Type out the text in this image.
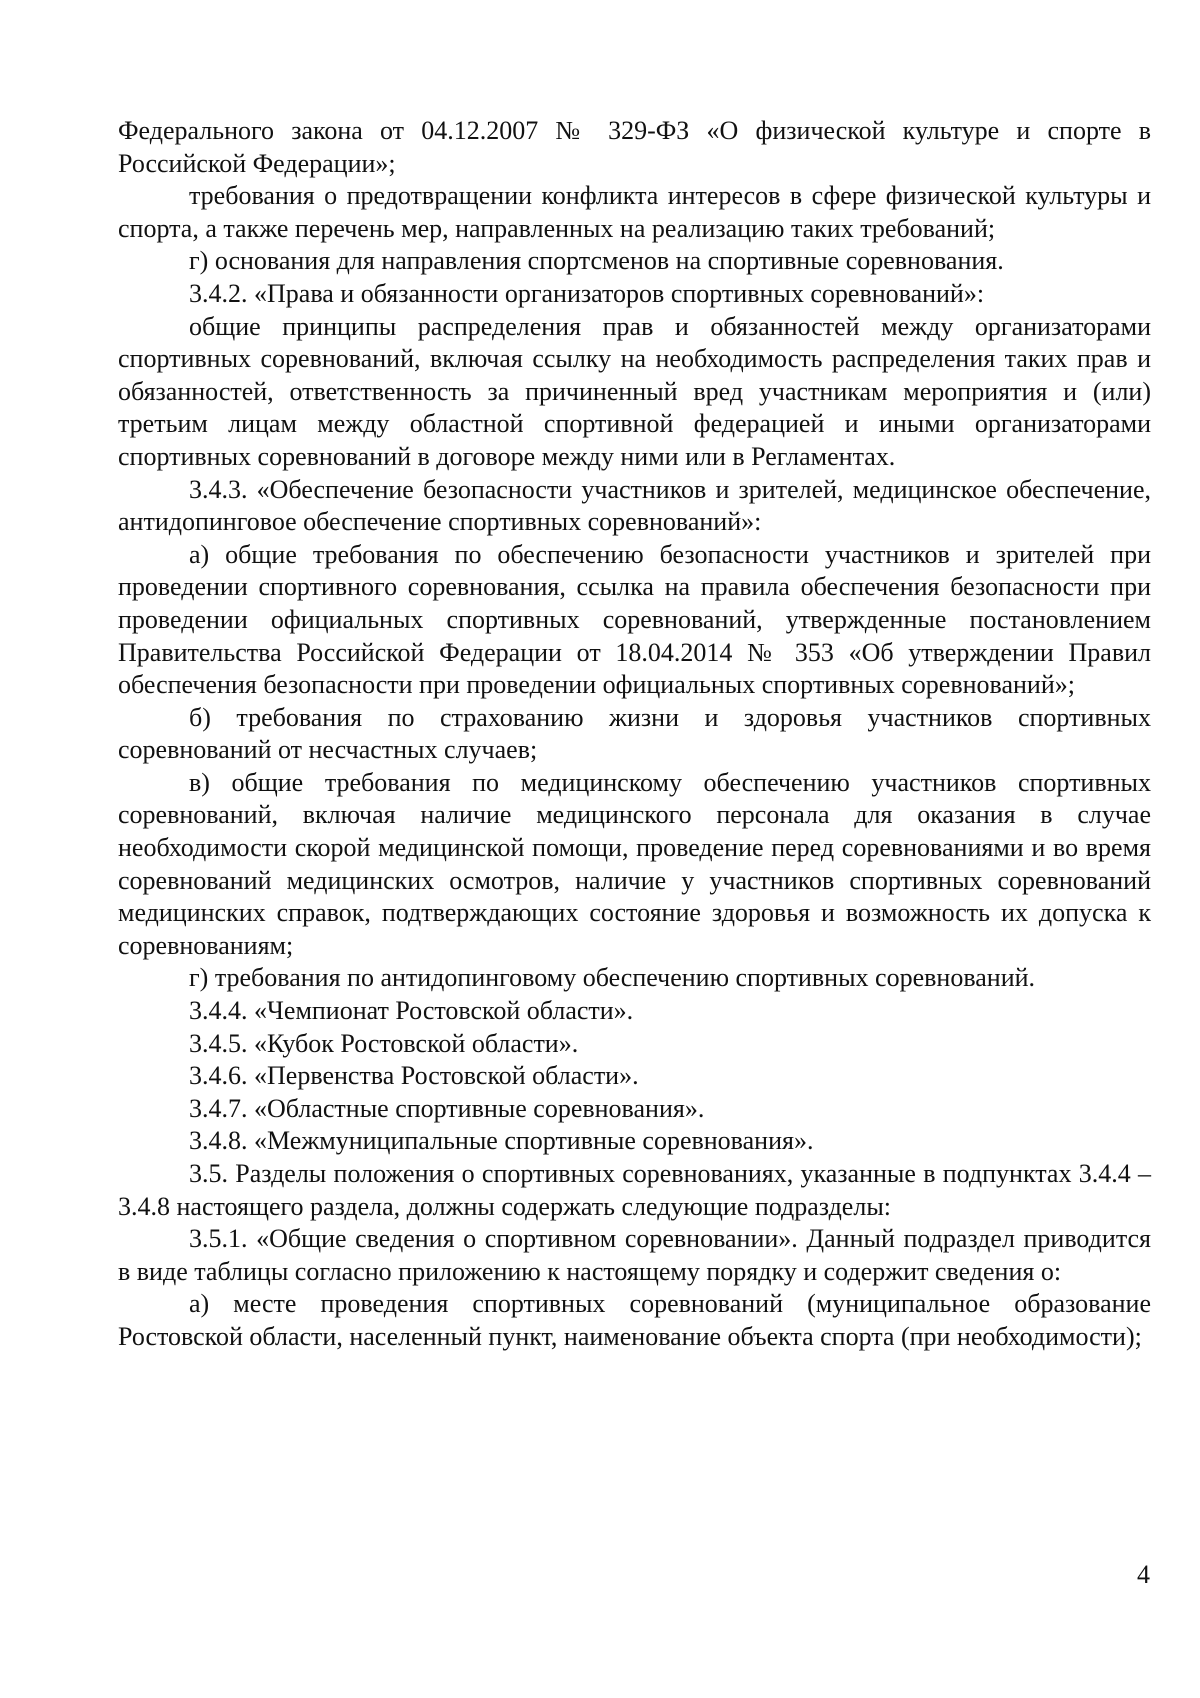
Федерального закона от 04.12.2007 № 329-ФЗ «О физической культуре и спорте в Российской Федерации»;

требования о предотвращении конфликта интересов в сфере физической культуры и спорта, а также перечень мер, направленных на реализацию таких требований;

г) основания для направления спортсменов на спортивные соревнования.

3.4.2. «Права и обязанности организаторов спортивных соревнований»:

общие принципы распределения прав и обязанностей между организаторами спортивных соревнований, включая ссылку на необходимость распределения таких прав и обязанностей, ответственность за причиненный вред участникам мероприятия и (или) третьим лицам между областной спортивной федерацией и иными организаторами спортивных соревнований в договоре между ними или в Регламентах.

3.4.3. «Обеспечение безопасности участников и зрителей, медицинское обеспечение, антидопинговое обеспечение спортивных соревнований»:

а) общие требования по обеспечению безопасности участников и зрителей при проведении спортивного соревнования, ссылка на правила обеспечения безопасности при проведении официальных спортивных соревнований, утвержденные постановлением Правительства Российской Федерации от 18.04.2014 № 353 «Об утверждении Правил обеспечения безопасности при проведении официальных спортивных соревнований»;

б) требования по страхованию жизни и здоровья участников спортивных соревнований от несчастных случаев;

в) общие требования по медицинскому обеспечению участников спортивных соревнований, включая наличие медицинского персонала для оказания в случае необходимости скорой медицинской помощи, проведение перед соревнованиями и во время соревнований медицинских осмотров, наличие у участников спортивных соревнований медицинских справок, подтверждающих состояние здоровья и возможность их допуска к соревнованиям;

г) требования по антидопинговому обеспечению спортивных соревнований.

3.4.4. «Чемпионат Ростовской области».

3.4.5. «Кубок Ростовской области».

3.4.6. «Первенства Ростовской области».

3.4.7. «Областные спортивные соревнования».

3.4.8. «Межмуниципальные спортивные соревнования».

3.5. Разделы положения о спортивных соревнованиях, указанные в подпунктах 3.4.4 – 3.4.8 настоящего раздела, должны содержать следующие подразделы:

3.5.1. «Общие сведения о спортивном соревновании». Данный подраздел приводится в виде таблицы согласно приложению к настоящему порядку и содержит сведения о:

а) месте проведения спортивных соревнований (муниципальное образование Ростовской области, населенный пункт, наименование объекта спорта (при необходимости);

4
